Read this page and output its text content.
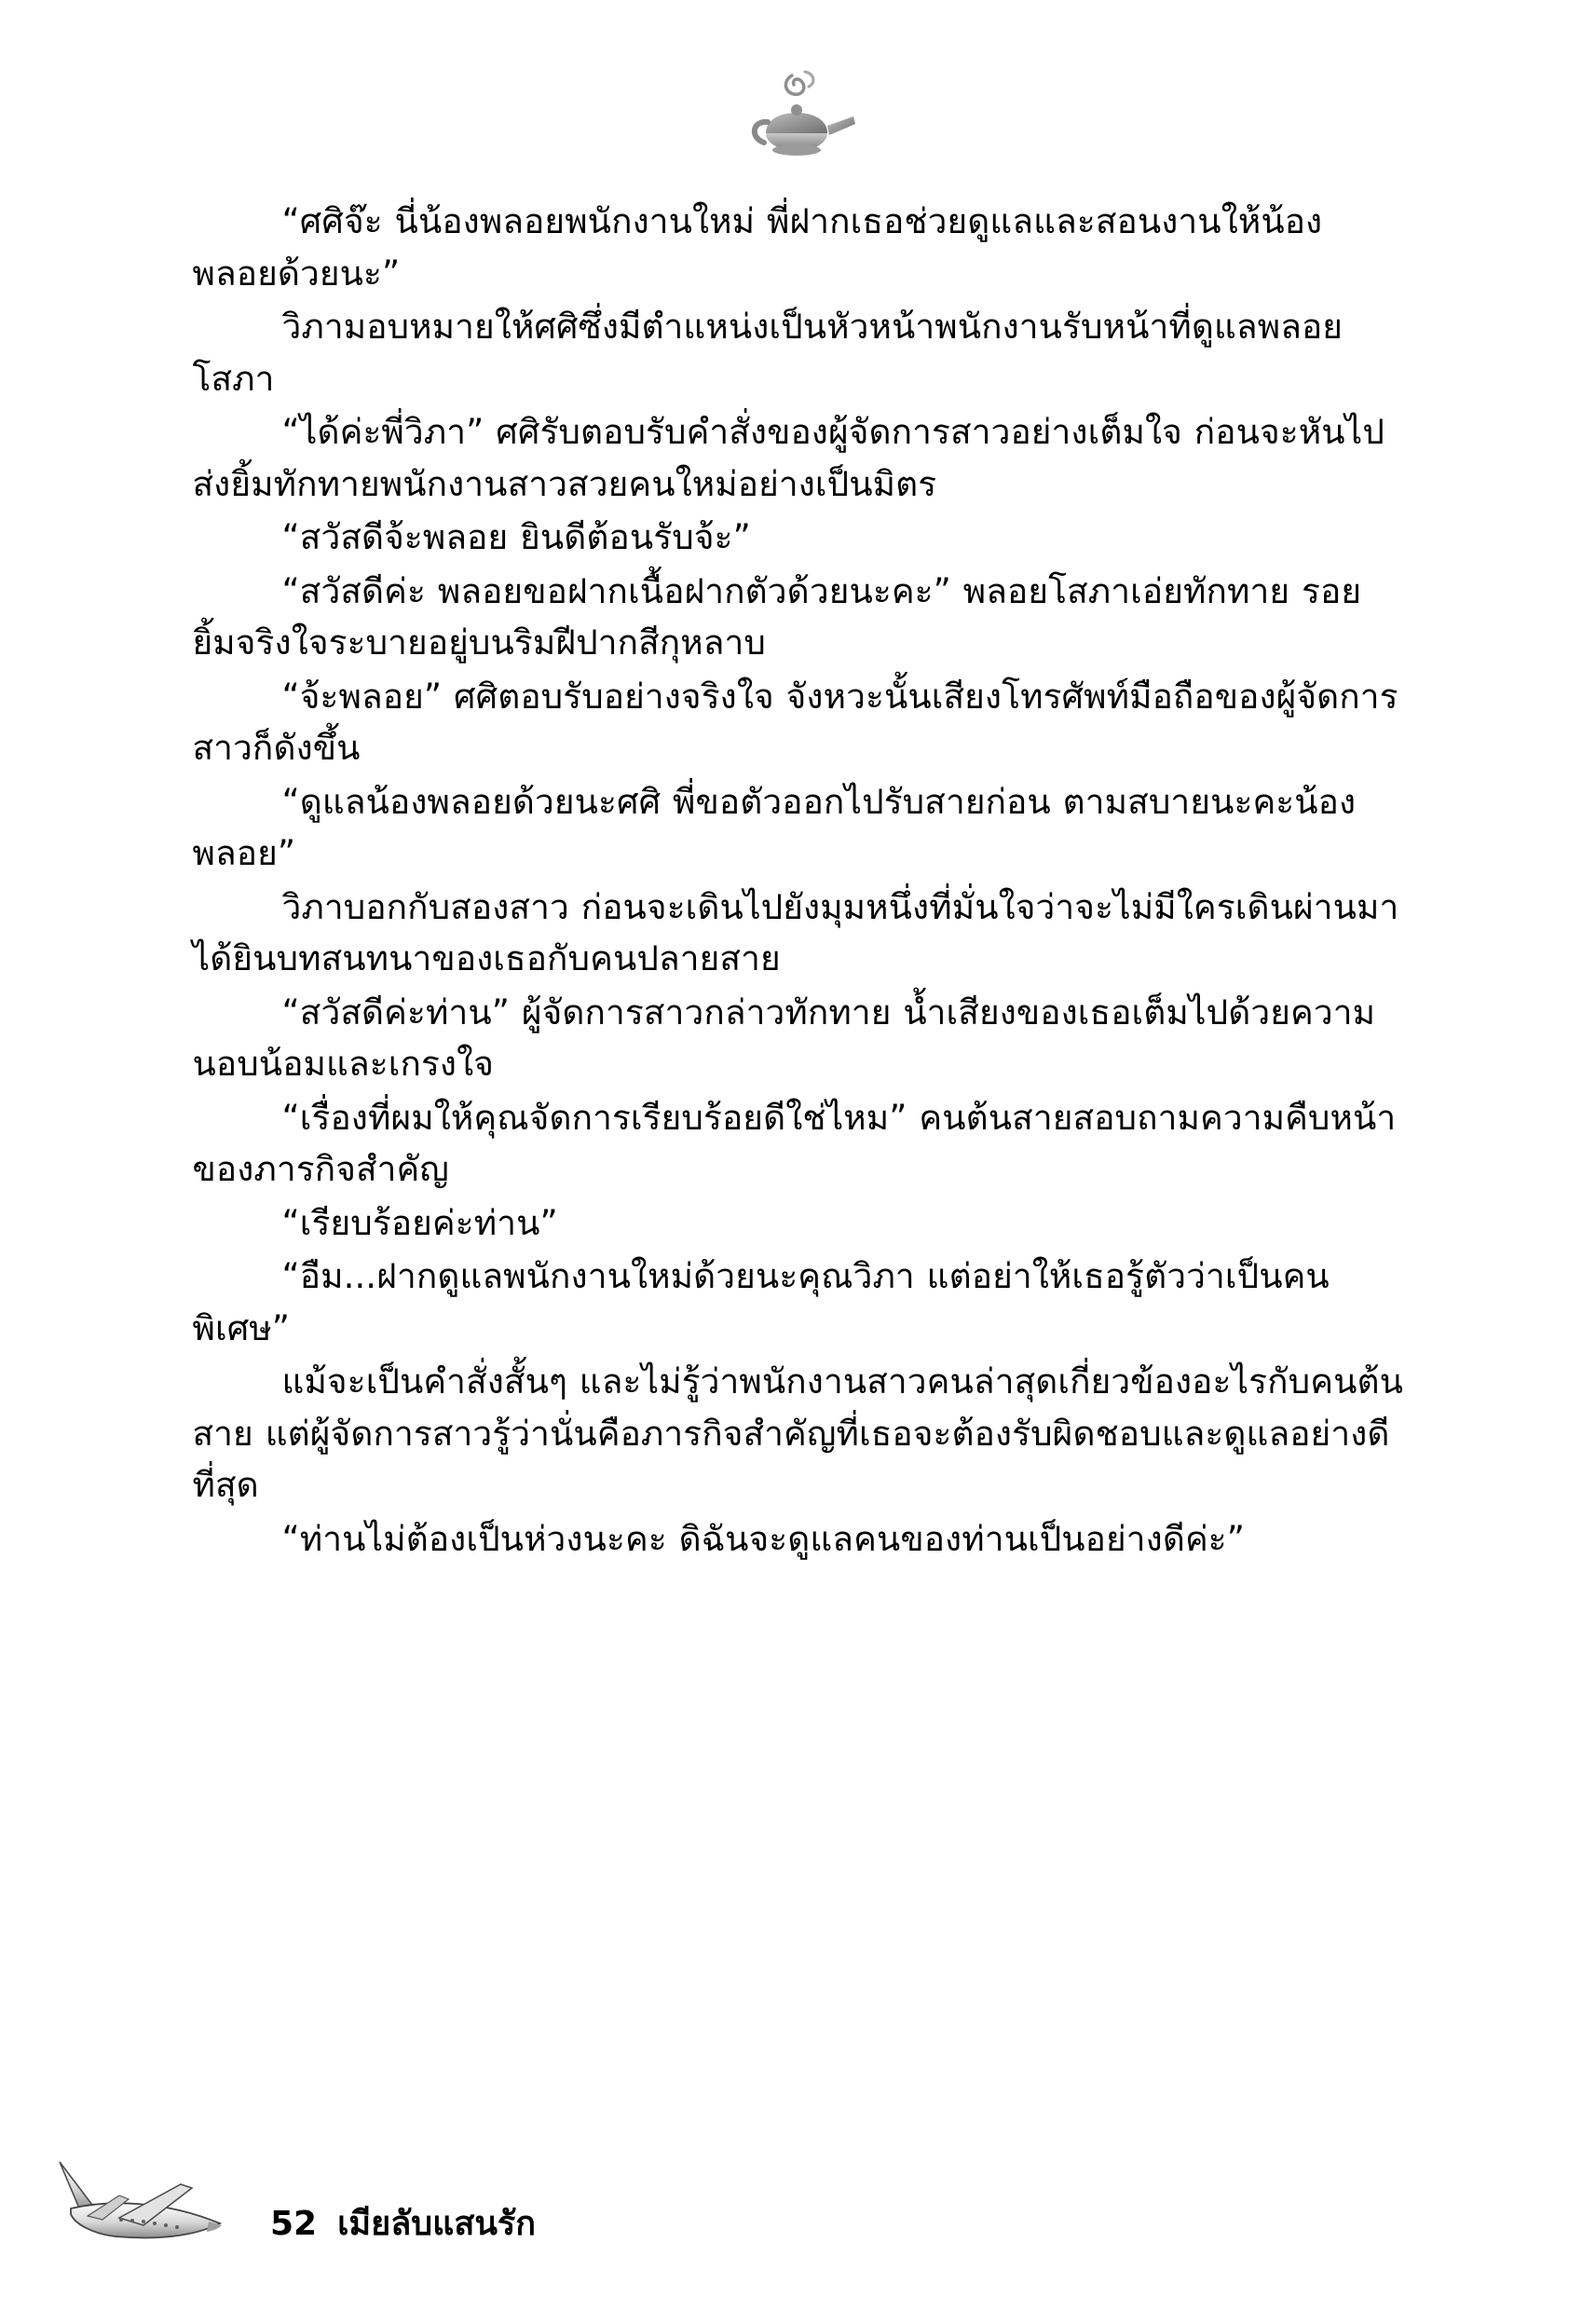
“ศศิจ๊ะ นี่น้องพลอยพนักงานใหม่ พี่ฝากเธอช่วยดูแลและสอนงานให้น้องพลอยด้วยนะ”

วิภามอบหมายให้ศศิซึ่งมีตำแหน่งเป็นหัวหน้าพนักงานรับหน้าที่ดูแลพลอยโสภา

“ได้ค่ะพี่วิภา” ศศิรับตอบรับคำสั่งของผู้จัดการสาวอย่างเต็มใจ ก่อนจะหันไปส่งยิ้มทักทายพนักงานสาวสวยคนใหม่อย่างเป็นมิตร

“สวัสดีจ้ะพลอย ยินดีต้อนรับจ้ะ”

“สวัสดีค่ะ พลอยขอฝากเนื้อฝากตัวด้วยนะคะ” พลอยโสภาเอ่ยทักทาย รอยยิ้มจริงใจระบายอยู่บนริมฝีปากสีกุหลาบ

“จ้ะพลอย” ศศิตอบรับอย่างจริงใจ จังหวะนั้นเสียงโทรศัพท์มือถือของผู้จัดการสาวก็ดังขึ้น

“ดูแลน้องพลอยด้วยนะศศิ พี่ขอตัวออกไปรับสายก่อน ตามสบายนะคะน้องพลอย”

วิภาบอกกับสองสาว ก่อนจะเดินไปยังมุมหนึ่งที่มั่นใจว่าจะไม่มีใครเดินผ่านมาได้ยินบทสนทนาของเธอกับคนปลายสาย

“สวัสดีค่ะท่าน” ผู้จัดการสาวกล่าวทักทาย น้ำเสียงของเธอเต็มไปด้วยความนอบน้อมและเกรงใจ

“เรื่องที่ผมให้คุณจัดการเรียบร้อยดีใช่ไหม” คนต้นสายสอบถามความคืบหน้าของภารกิจสำคัญ

“เรียบร้อยค่ะท่าน”

“อืม...ฝากดูแลพนักงานใหม่ด้วยนะคุณวิภา แต่อย่าให้เธอรู้ตัวว่าเป็นคนพิเศษ”

แม้จะเป็นคำสั่งสั้นๆ และไม่รู้ว่าพนักงานสาวคนล่าสุดเกี่ยวข้องอะไรกับคนต้นสาย แต่ผู้จัดการสาวรู้ว่านั่นคือภารกิจสำคัญที่เธอจะต้องรับผิดชอบและดูแลอย่างดีที่สุด

“ท่านไม่ต้องเป็นห่วงนะคะ ดิฉันจะดูแลคนของท่านเป็นอย่างดีค่ะ”

52 เมียลับแสนรัก
